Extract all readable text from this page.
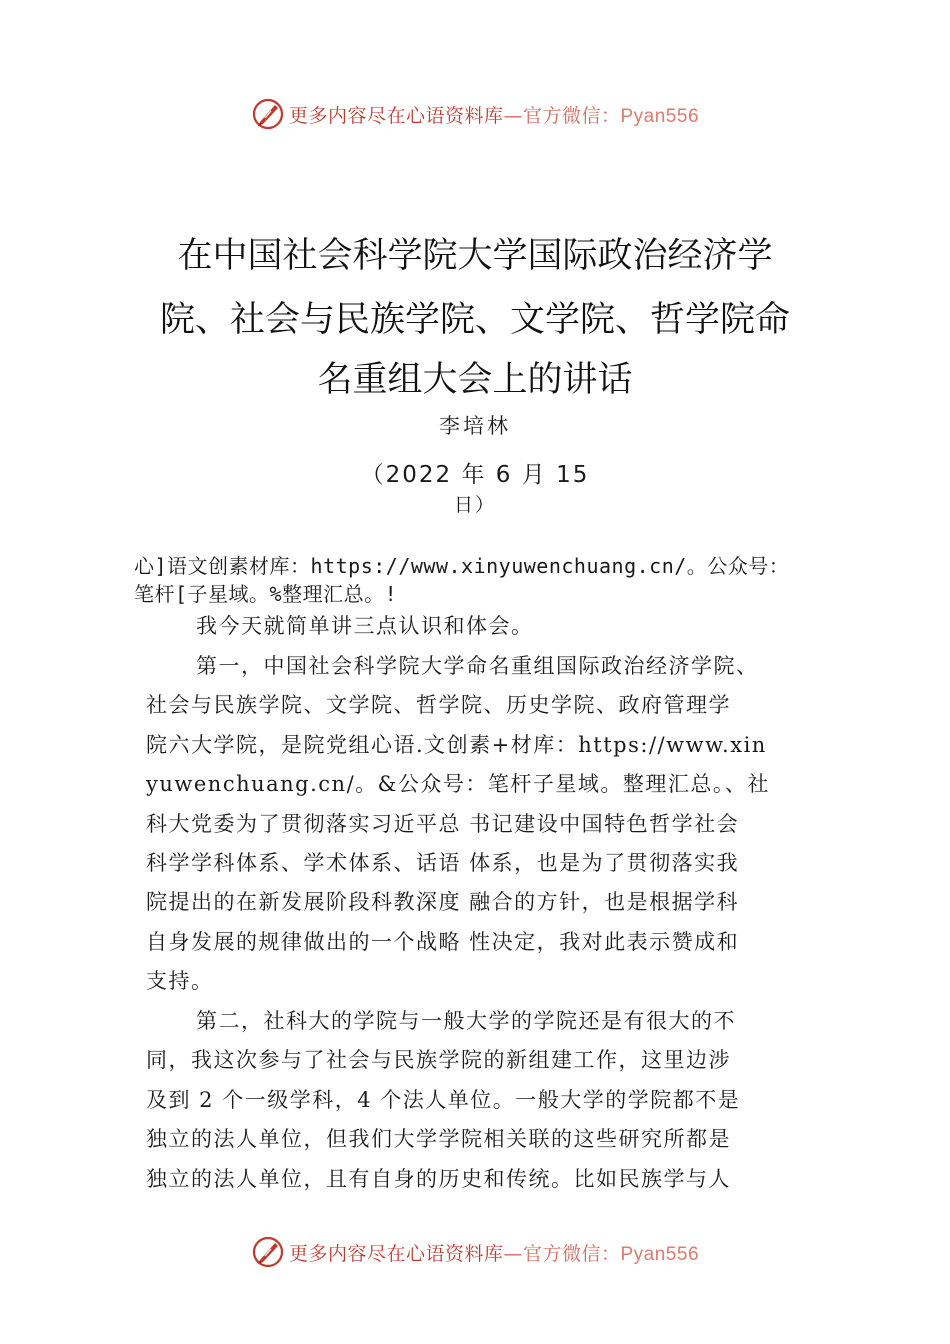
更多内容尽在心语资料库—官方微信：Pyan556
在中国社会科学院大学国际政治经济学
院、社会与民族学院、文学院、哲学院命
名重组大会上的讲话
李培林
（2022 年 6 月 15
日）
心]语文创素材库：https://www.xinyuwenchuang.cn/。公众号：
笔杆[子星域。%整理汇总。!
我今天就简单讲三点认识和体会。
第一，中国社会科学院大学命名重组国际政治经济学院、
社会与民族学院、文学院、哲学院、历史学院、政府管理学
院六大学院，是院党组心语.文创素+材库：https://www.xin
yuwenchuang.cn/。&公众号：笔杆子星域。整理汇总。、社
科大党委为了贯彻落实习近平总 书记建设中国特色哲学社会
科学学科体系、学术体系、话语 体系，也是为了贯彻落实我
院提出的在新发展阶段科教深度 融合的方针，也是根据学科
自身发展的规律做出的一个战略 性决定，我对此表示赞成和
支持。
第二，社科大的学院与一般大学的学院还是有很大的不
同，我这次参与了社会与民族学院的新组建工作，这里边涉
及到 2 个一级学科，4 个法人单位。一般大学的学院都不是
独立的法人单位，但我们大学学院相关联的这些研究所都是
独立的法人单位，且有自身的历史和传统。比如民族学与人
更多内容尽在心语资料库—官方微信：Pyan556
